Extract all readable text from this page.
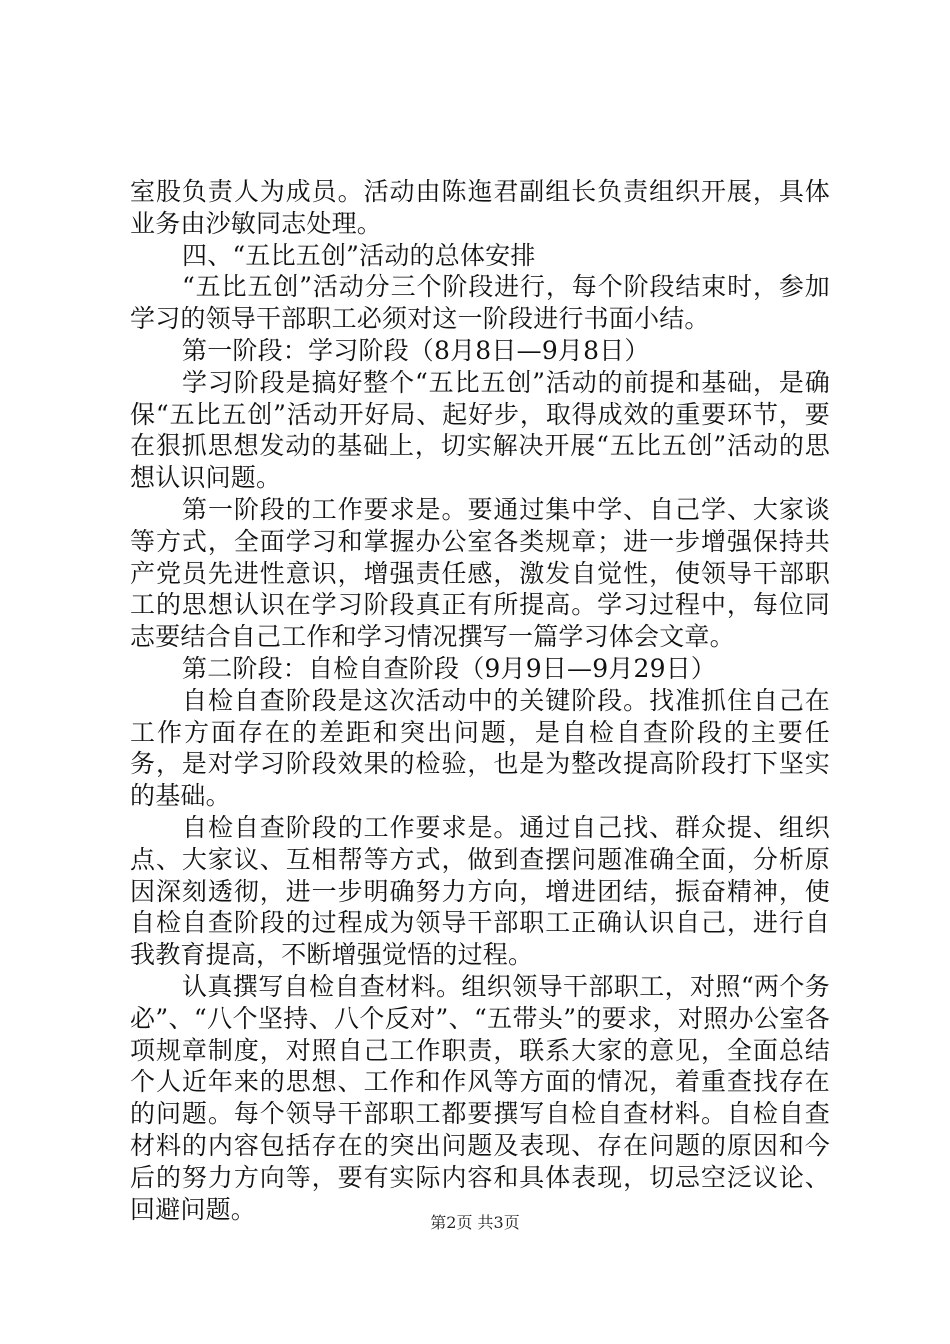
室股负责人为成员。活动由陈迤君副组长负责组织开展，具体业务由沙敏同志处理。

四、“五比五创”活动的总体安排

“五比五创”活动分三个阶段进行，每个阶段结束时，参加学习的领导干部职工必须对这一阶段进行书面小结。

第一阶段：学习阶段（8月8日—9月8日）

学习阶段是搞好整个“五比五创”活动的前提和基础，是确保“五比五创”活动开好局、起好步，取得成效的重要环节，要在狠抓思想发动的基础上，切实解决开展“五比五创”活动的思想认识问题。

第一阶段的工作要求是。要通过集中学、自己学、大家谈等方式，全面学习和掌握办公室各类规章；进一步增强保持共产党员先进性意识，增强责任感，激发自觉性，使领导干部职工的思想认识在学习阶段真正有所提高。学习过程中，每位同志要结合自己工作和学习情况撰写一篇学习体会文章。

第二阶段：自检自查阶段（9月9日—9月29日）

自检自查阶段是这次活动中的关键阶段。找准抓住自己在工作方面存在的差距和突出问题，是自检自查阶段的主要任务，是对学习阶段效果的检验，也是为整改提高阶段打下坚实的基础。

自检自查阶段的工作要求是。通过自己找、群众提、组织点、大家议、互相帮等方式，做到查摆问题准确全面，分析原因深刻透彻，进一步明确努力方向，增进团结，振奋精神，使自检自查阶段的过程成为领导干部职工正确认识自己，进行自我教育提高，不断增强觉悟的过程。

认真撰写自检自查材料。组织领导干部职工，对照“两个务必”、“八个坚持、八个反对”、“五带头”的要求，对照办公室各项规章制度，对照自己工作职责，联系大家的意见，全面总结个人近年来的思想、工作和作风等方面的情况，着重查找存在的问题。每个领导干部职工都要撰写自检自查材料。自检自查材料的内容包括存在的突出问题及表现、存在问题的原因和今后的努力方向等，要有实际内容和具体表现，切忌空泛议论、回避问题。	第2页 共3页
